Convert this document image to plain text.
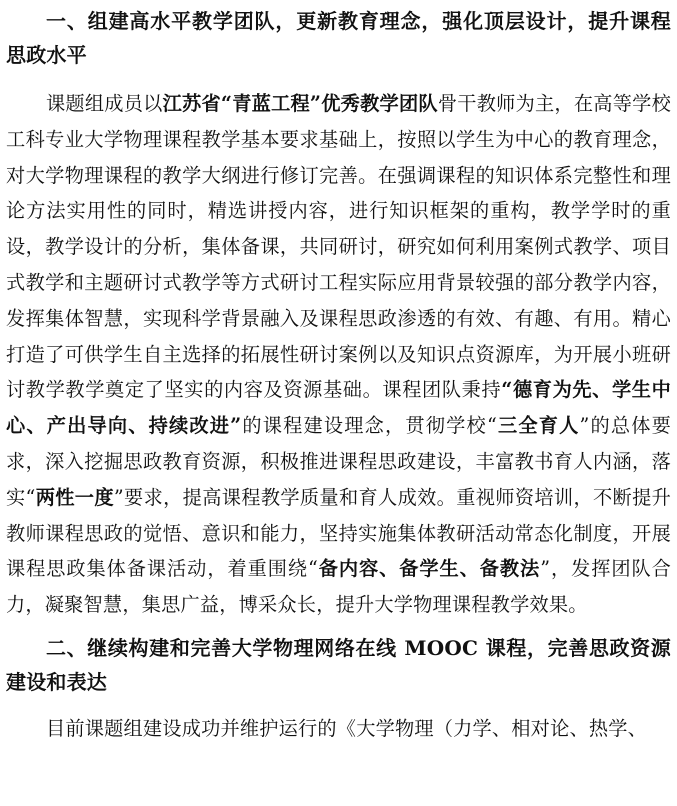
一、组建高水平教学团队，更新教育理念，强化顶层设计，提升课程思政水平

课题组成员以江苏省“青蓝工程”优秀教学团队骨干教师为主，在高等学校工科专业大学物理课程教学基本要求基础上，按照以学生为中心的教育理念，对大学物理课程的教学大纲进行修订完善。在强调课程的知识体系完整性和理论方法实用性的同时，精选讲授内容，进行知识框架的重构，教学学时的重设，教学设计的分析，集体备课，共同研讨，研究如何利用案例式教学、项目式教学和主题研讨式教学等方式研讨工程实际应用背景较强的部分教学内容，发挥集体智慧，实现科学背景融入及课程思政渗透的有效、有趣、有用。精心打造了可供学生自主选择的拓展性研讨案例以及知识点资源库，为开展小班研讨教学教学奠定了坚实的内容及资源基础。课程团队秉持“德育为先、学生中心、产出导向、持续改进”的课程建设理念，贯彻学校“三全育人”的总体要求，深入挖掘思政教育资源，积极推进课程思政建设，丰富教书育人内涵，落实“两性一度”要求，提高课程教学质量和育人成效。重视师资培训，不断提升教师课程思政的觉悟、意识和能力，坚持实施集体教研活动常态化制度，开展课程思政集体备课活动，着重围绕“备内容、备学生、备教法”，发挥团队合力，凝聚智慧，集思广益，博采众长，提升大学物理课程教学效果。

二、继续构建和完善大学物理网络在线 MOOC 课程，完善思政资源建设和表达

目前课题组建设成功并维护运行的《大学物理（力学、相对论、热学、
